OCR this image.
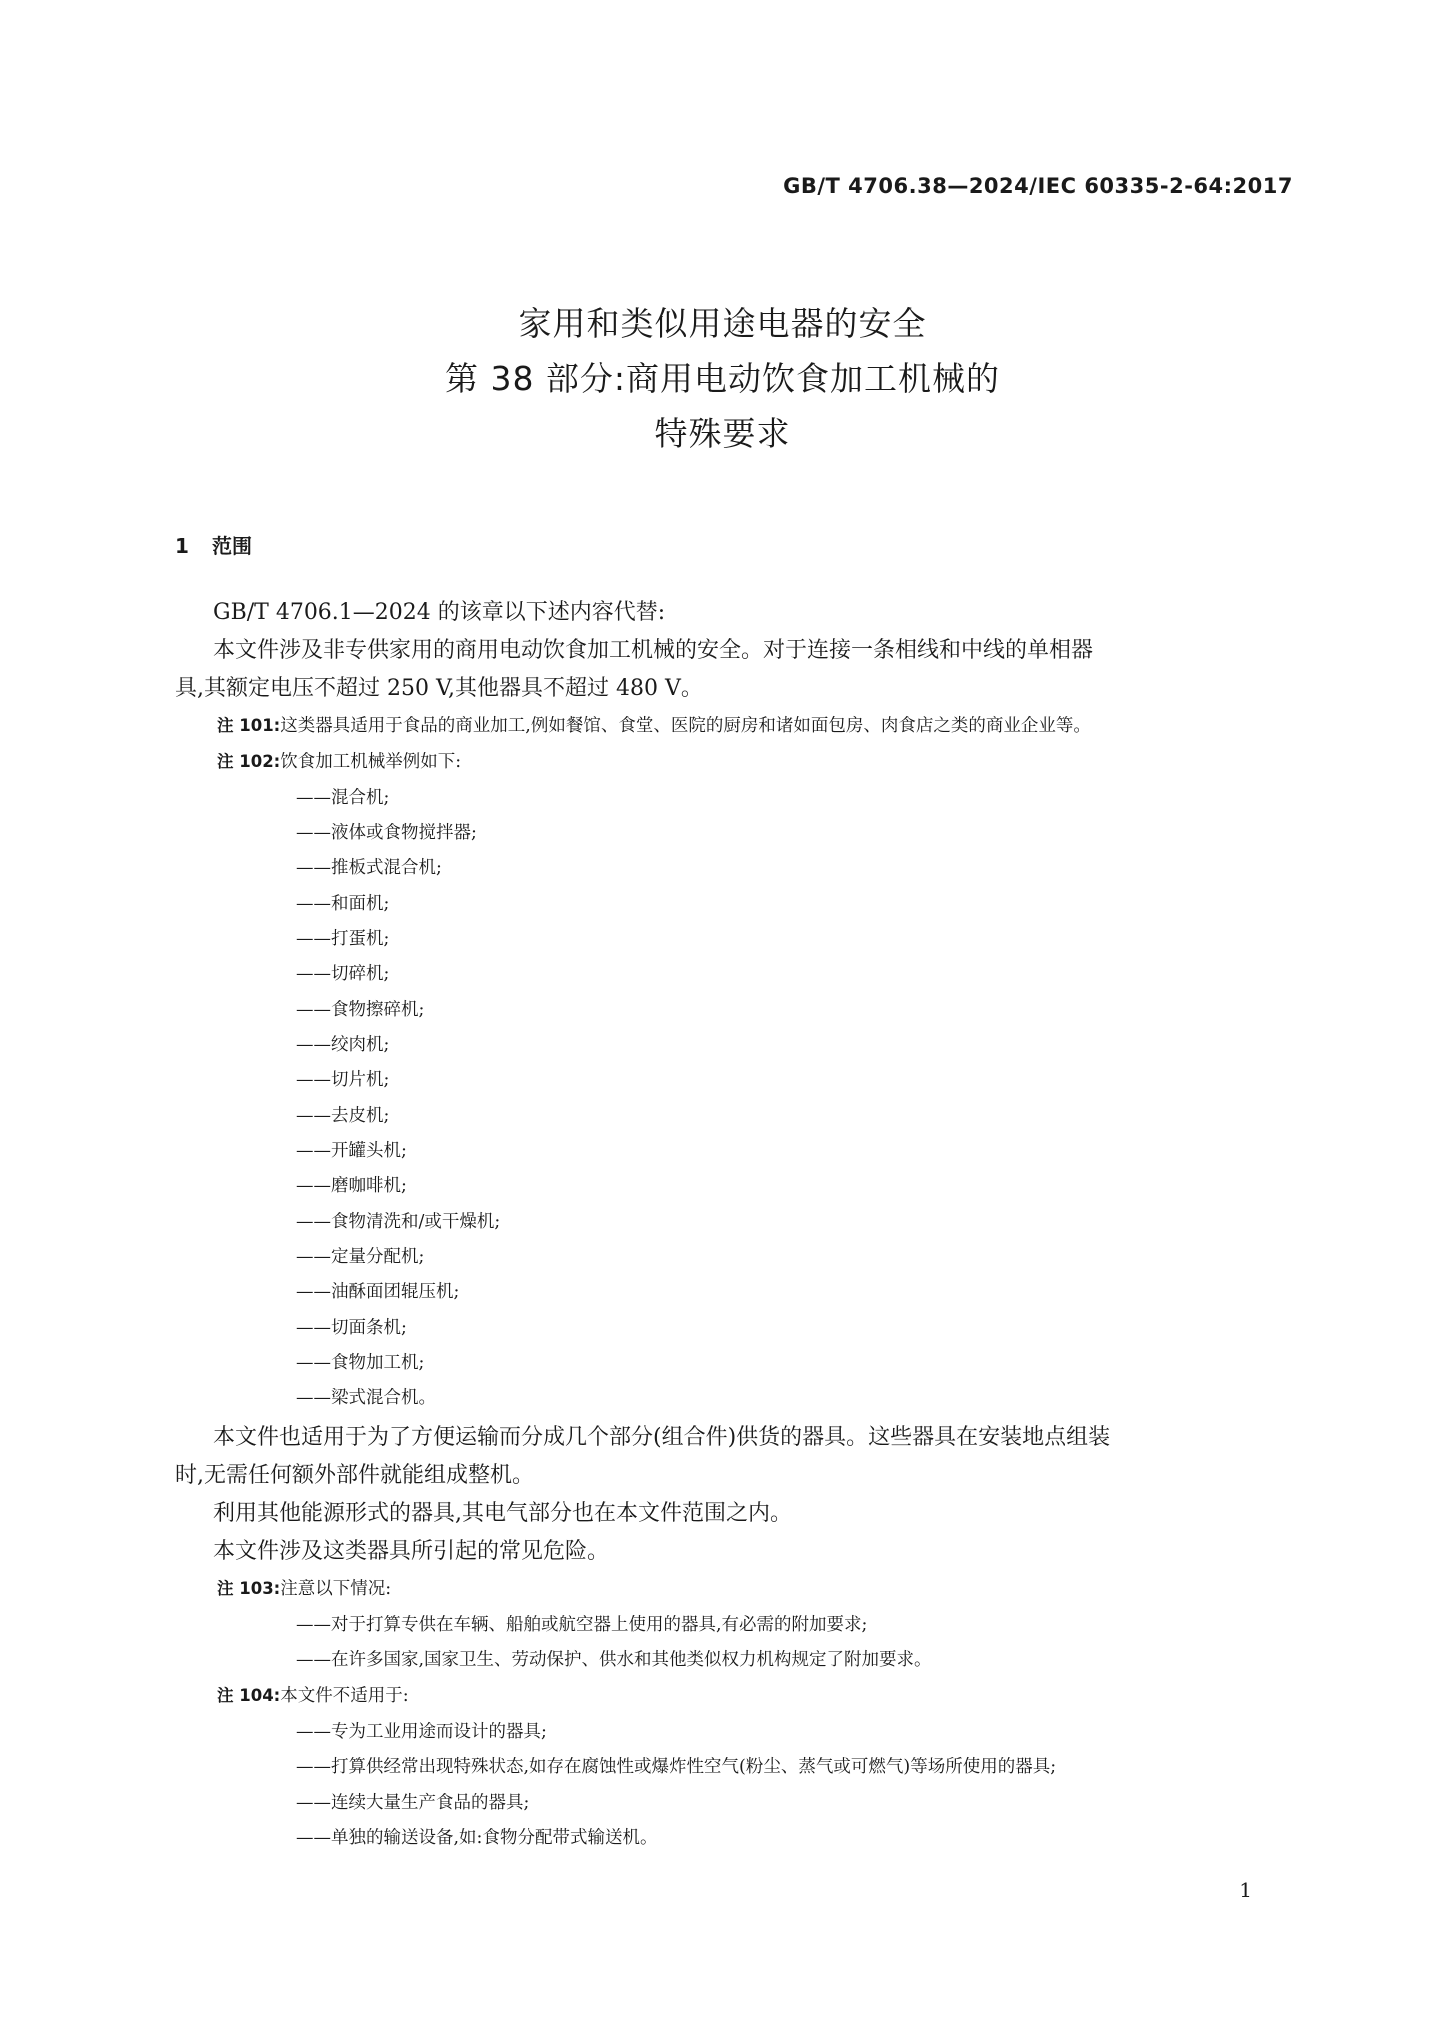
GB/T 4706.38—2024/IEC 60335-2-64:2017
家用和类似用途电器的安全
第 38 部分:商用电动饮食加工机械的
特殊要求
1 范围
GB/T 4706.1—2024 的该章以下述内容代替:
本文件涉及非专供家用的商用电动饮食加工机械的安全。对于连接一条相线和中线的单相器
具,其额定电压不超过 250 V,其他器具不超过 480 V。
注 101:这类器具适用于食品的商业加工,例如餐馆、食堂、医院的厨房和诸如面包房、肉食店之类的商业企业等。
注 102:饮食加工机械举例如下:
——混合机;
——液体或食物搅拌器;
——推板式混合机;
——和面机;
——打蛋机;
——切碎机;
——食物擦碎机;
——绞肉机;
——切片机;
——去皮机;
——开罐头机;
——磨咖啡机;
——食物清洗和/或干燥机;
——定量分配机;
——油酥面团辊压机;
——切面条机;
——食物加工机;
——梁式混合机。
本文件也适用于为了方便运输而分成几个部分(组合件)供货的器具。这些器具在安装地点组装
时,无需任何额外部件就能组成整机。
利用其他能源形式的器具,其电气部分也在本文件范围之内。
本文件涉及这类器具所引起的常见危险。
注 103:注意以下情况:
——对于打算专供在车辆、船舶或航空器上使用的器具,有必需的附加要求;
——在许多国家,国家卫生、劳动保护、供水和其他类似权力机构规定了附加要求。
注 104:本文件不适用于:
——专为工业用途而设计的器具;
——打算供经常出现特殊状态,如存在腐蚀性或爆炸性空气(粉尘、蒸气或可燃气)等场所使用的器具;
——连续大量生产食品的器具;
——单独的输送设备,如:食物分配带式输送机。
1
